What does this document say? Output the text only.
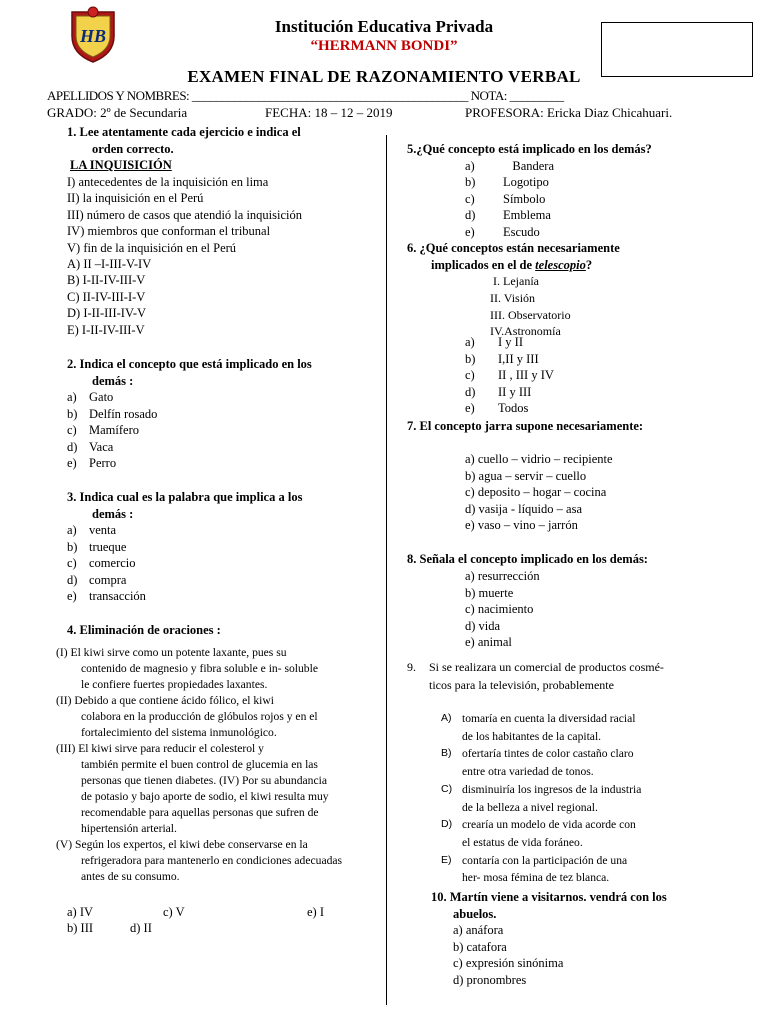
HB	Institución Educativa Privada
“HERMANN BONDI”
EXAMEN FINAL DE RAZONAMIENTO VERBAL
APELLIDOS Y NOMBRES: ______________________________________________ NOTA: _________
GRADO: 2º de Secundaria	FECHA: 18 – 12 – 2019	PROFESORA: Ericka Diaz Chicahuari.
1. Lee atentamente cada ejercicio e indica el
orden correcto.
LA INQUISICIÓN
I) antecedentes de la inquisición en lima
II) la inquisición en el Perú
III) número de casos que atendió la inquisición
IV) miembros que conforman el tribunal
V) fin de la inquisición en el Perú
A) II –I-III-V-IV
B) I-II-IV-III-V
C) II-IV-III-I-V
D) I-II-III-IV-V
E) I-II-IV-III-V
2. Indica el concepto que está implicado en los
demás :
a) Gato
b) Delfín rosado
c) Mamífero
d) Vaca
e) Perro
3. Indica cual es la palabra que implica a los
demás :
a) venta
b) trueque
c) comercio
d) compra
e) transacción
4. Eliminación de oraciones :
(I) El kiwi sirve como un potente laxante, pues su
contenido de magnesio y fibra soluble e in- soluble
le confiere fuertes propiedades laxantes.
(II) Debido a que contiene ácido fólico, el kiwi
colabora en la producción de glóbulos rojos y en el
fortalecimiento del sistema inmunológico.
(III) El kiwi sirve para reducir el colesterol y
también permite el buen control de glucemia en las
personas que tienen diabetes. (IV) Por su abundancia
de potasio y bajo aporte de sodio, el kiwi resulta muy
recomendable para aquellas personas que sufren de
hipertensión arterial.
(V) Según los expertos, el kiwi debe conservarse en la
refrigeradora para mantenerlo en condiciones adecuadas
antes de su consumo.
a) IV	c) V	e) I
b) III	d) II
5.¿Qué concepto está implicado en los demás?
a)	Bandera
b)	Logotipo
c)	Símbolo
d)	Emblema
e)	Escudo
6. ¿Qué conceptos están necesariamente
implicados en el de telescopio?
I. Lejanía
II. Visión
III. Observatorio
IV.Astronomía
a)	I y II
b)	I,II y III
c)	II , III y IV
d)	II y III
e)	Todos
7. El concepto jarra supone necesariamente:
a) cuello – vidrio – recipiente
b) agua – servir – cuello
c) deposito – hogar – cocina
d) vasija - líquido – asa
e) vaso – vino – jarrón
8. Señala el concepto implicado en los demás:
a) resurrección
b) muerte
c) nacimiento
d) vida
e) animal
9.	Si se realizara un comercial de productos cosmé-
ticos para la televisión, probablemente
A) tomaría en cuenta la diversidad racial
de los habitantes de la capital.
B) ofertaría tintes de color castaño claro
entre otra variedad de tonos.
C) disminuiría los ingresos de la industria
de la belleza a nivel regional.
D) crearía un modelo de vida acorde con
el estatus de vida foráneo.
E) contaría con la participación de una
her- mosa fémina de tez blanca.
10. Martín viene a visitarnos. vendrá con los
abuelos.
a) anáfora
b) catafora
c) expresión sinónima
d) pronombres
